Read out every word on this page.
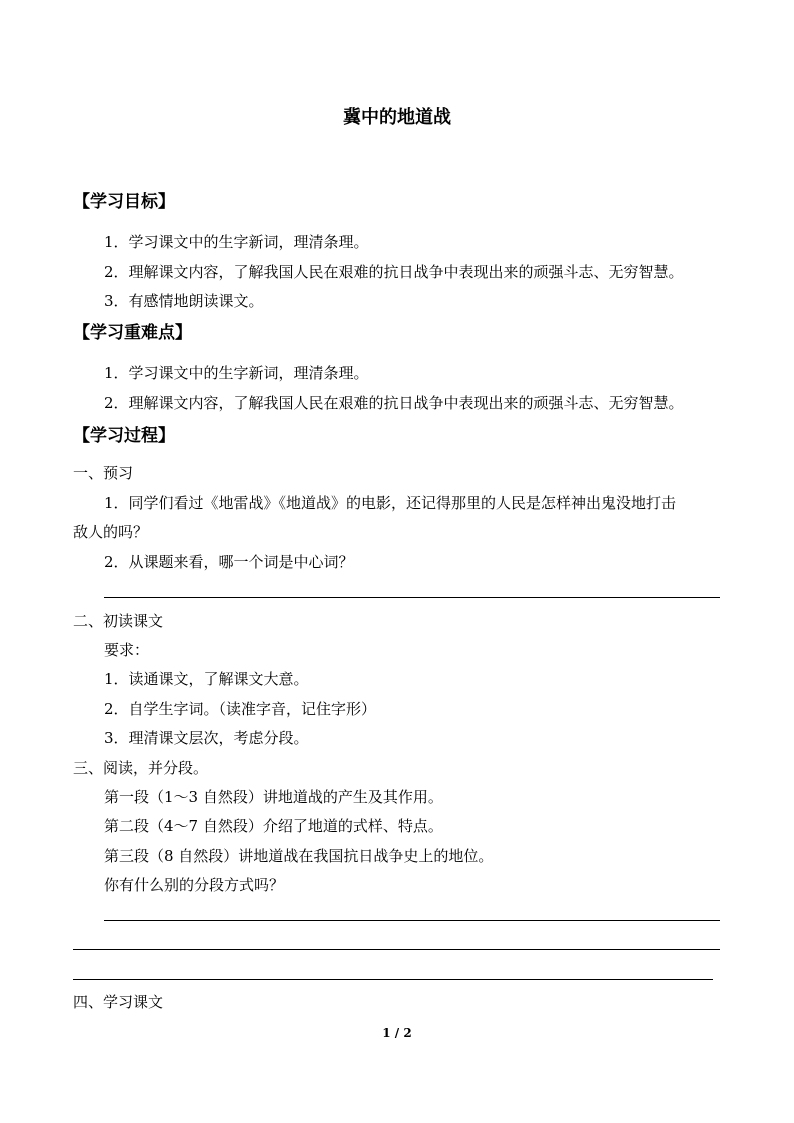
冀中的地道战
【学习目标】
1．学习课文中的生字新词，理清条理。
2．理解课文内容，了解我国人民在艰难的抗日战争中表现出来的顽强斗志、无穷智慧。
3．有感情地朗读课文。
【学习重难点】
1．学习课文中的生字新词，理清条理。
2．理解课文内容，了解我国人民在艰难的抗日战争中表现出来的顽强斗志、无穷智慧。
【学习过程】
一、预习
1．同学们看过《地雷战》《地道战》的电影，还记得那里的人民是怎样神出鬼没地打击
敌人的吗？
2．从课题来看，哪一个词是中心词？
二、初读课文
要求：
1．读通课文，了解课文大意。
2．自学生字词。（读准字音，记住字形）
3．理清课文层次，考虑分段。
三、阅读，并分段。
第一段（1～3 自然段）讲地道战的产生及其作用。
第二段（4～7 自然段）介绍了地道的式样、特点。
第三段（8 自然段）讲地道战在我国抗日战争史上的地位。
你有什么别的分段方式吗？
四、学习课文
1 / 2
